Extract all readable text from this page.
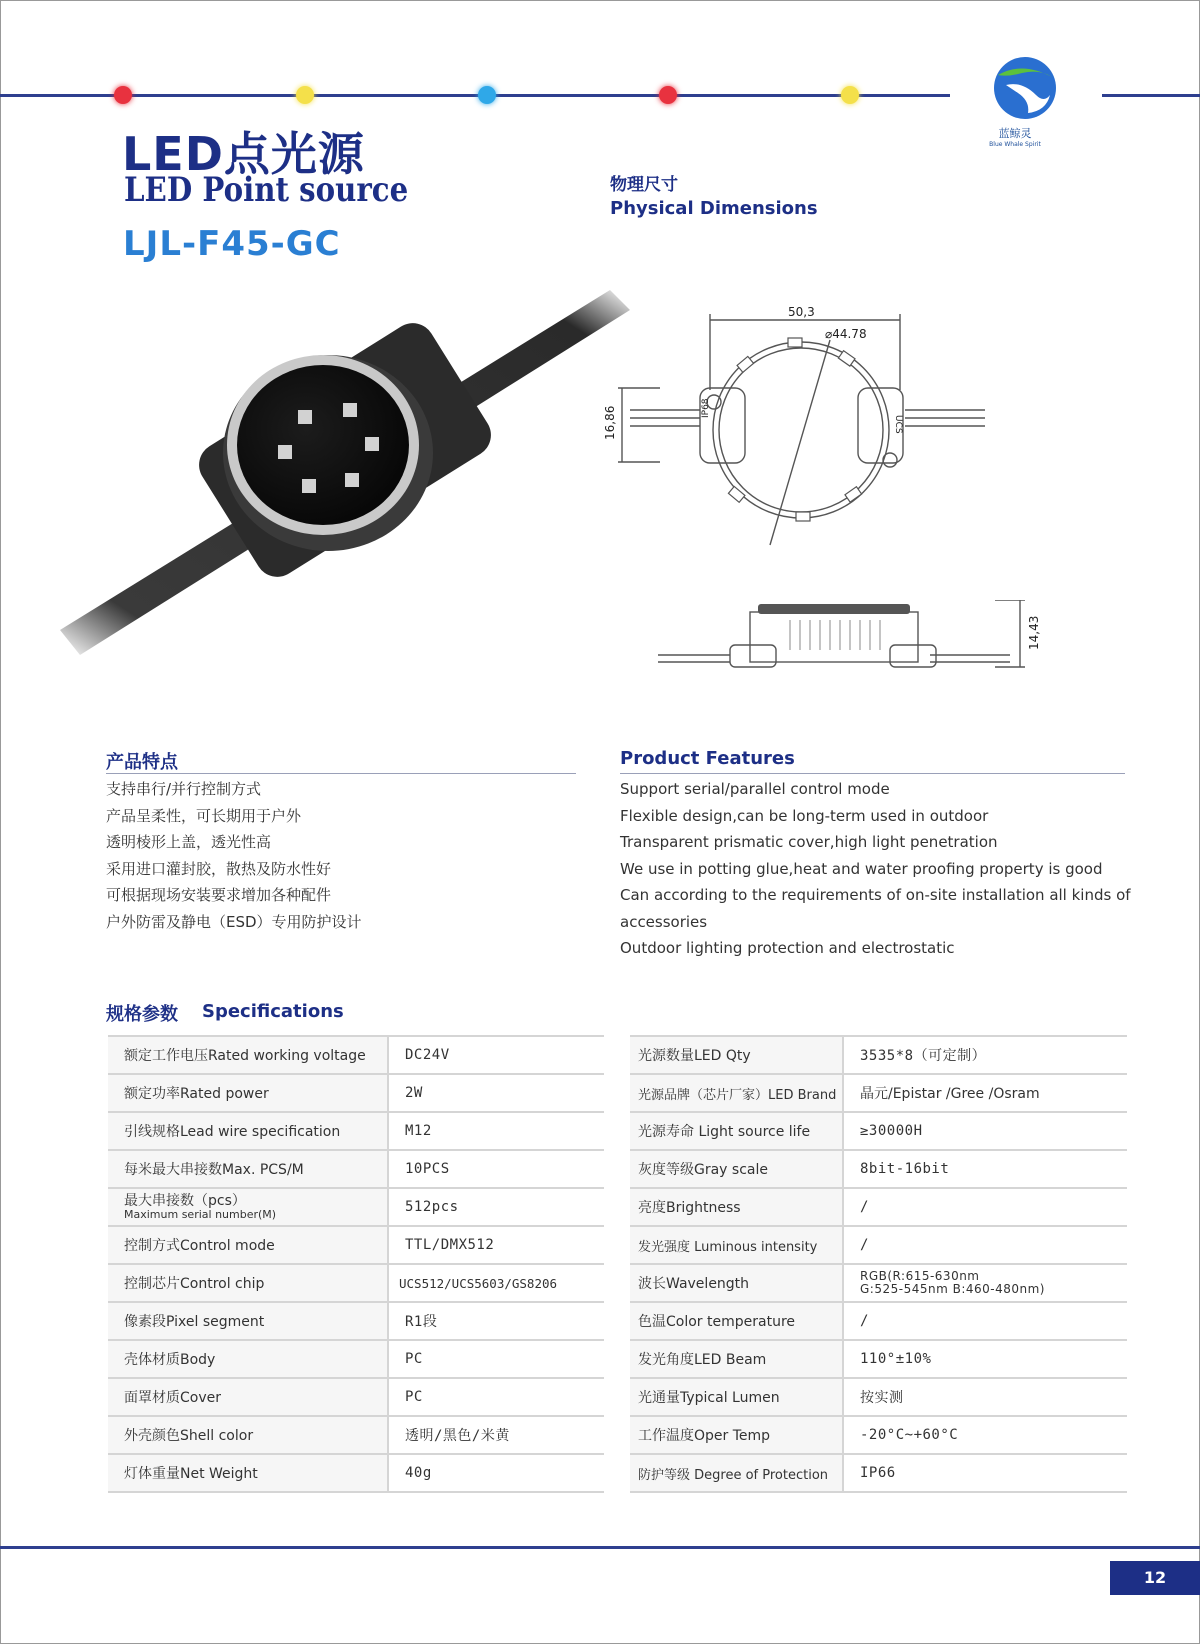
蓝鲸灵
Blue Whale Spirit
LED点光源
LED Point source
LJL-F45-GC
物理尺寸
Physical Dimensions
50,3
⌀44.78
16,86	IP68
UCS
14,43
产品特点
支持串行/并行控制方式
产品呈柔性，可长期用于户外
透明棱形上盖，透光性高
采用进口灌封胶，散热及防水性好
可根据现场安装要求增加各种配件
户外防雷及静电（ESD）专用防护设计
Product Features
Support serial/parallel control mode
Flexible design,can be long-term used in outdoor
Transparent prismatic cover,high light penetration
We use in potting glue,heat and water proofing property is good
Can according to the requirements of on-site installation all kinds of
accessories
Outdoor lighting protection and electrostatic
规格参数 Specifications
额定工作电压Rated working voltage	DC24V
额定功率Rated power	2W
引线规格Lead wire specification	M12
每米最大串接数Max. PCS/M	10PCS

最大串接数（pcs）
Maximum serial number(M)	512pcs
控制方式Control mode	TTL/DMX512
控制芯片Control chip	UCS512/UCS5603/GS8206
像素段Pixel segment	R1段
壳体材质Body	PC
面罩材质Cover	PC
外壳颜色Shell color	透明/黑色/米黄
灯体重量Net Weight	40g
光源数量LED Qty	3535*8（可定制）
光源品牌（芯片厂家）LED Brand	晶元/Epistar /Gree /Osram
光源寿命 Light source life	≥30000H
灰度等级Gray scale	8bit-16bit
亮度Brightness	/
发光强度 Luminous intensity	/
波长Wavelength	RGB(R:615-630nm
G:525-545nm B:460-480nm)

色温Color temperature	/
发光角度LED Beam	110°±10%
光通量Typical Lumen	按实测
工作温度Oper Temp	-20°C~+60°C
防护等级 Degree of Protection	IP66
12
